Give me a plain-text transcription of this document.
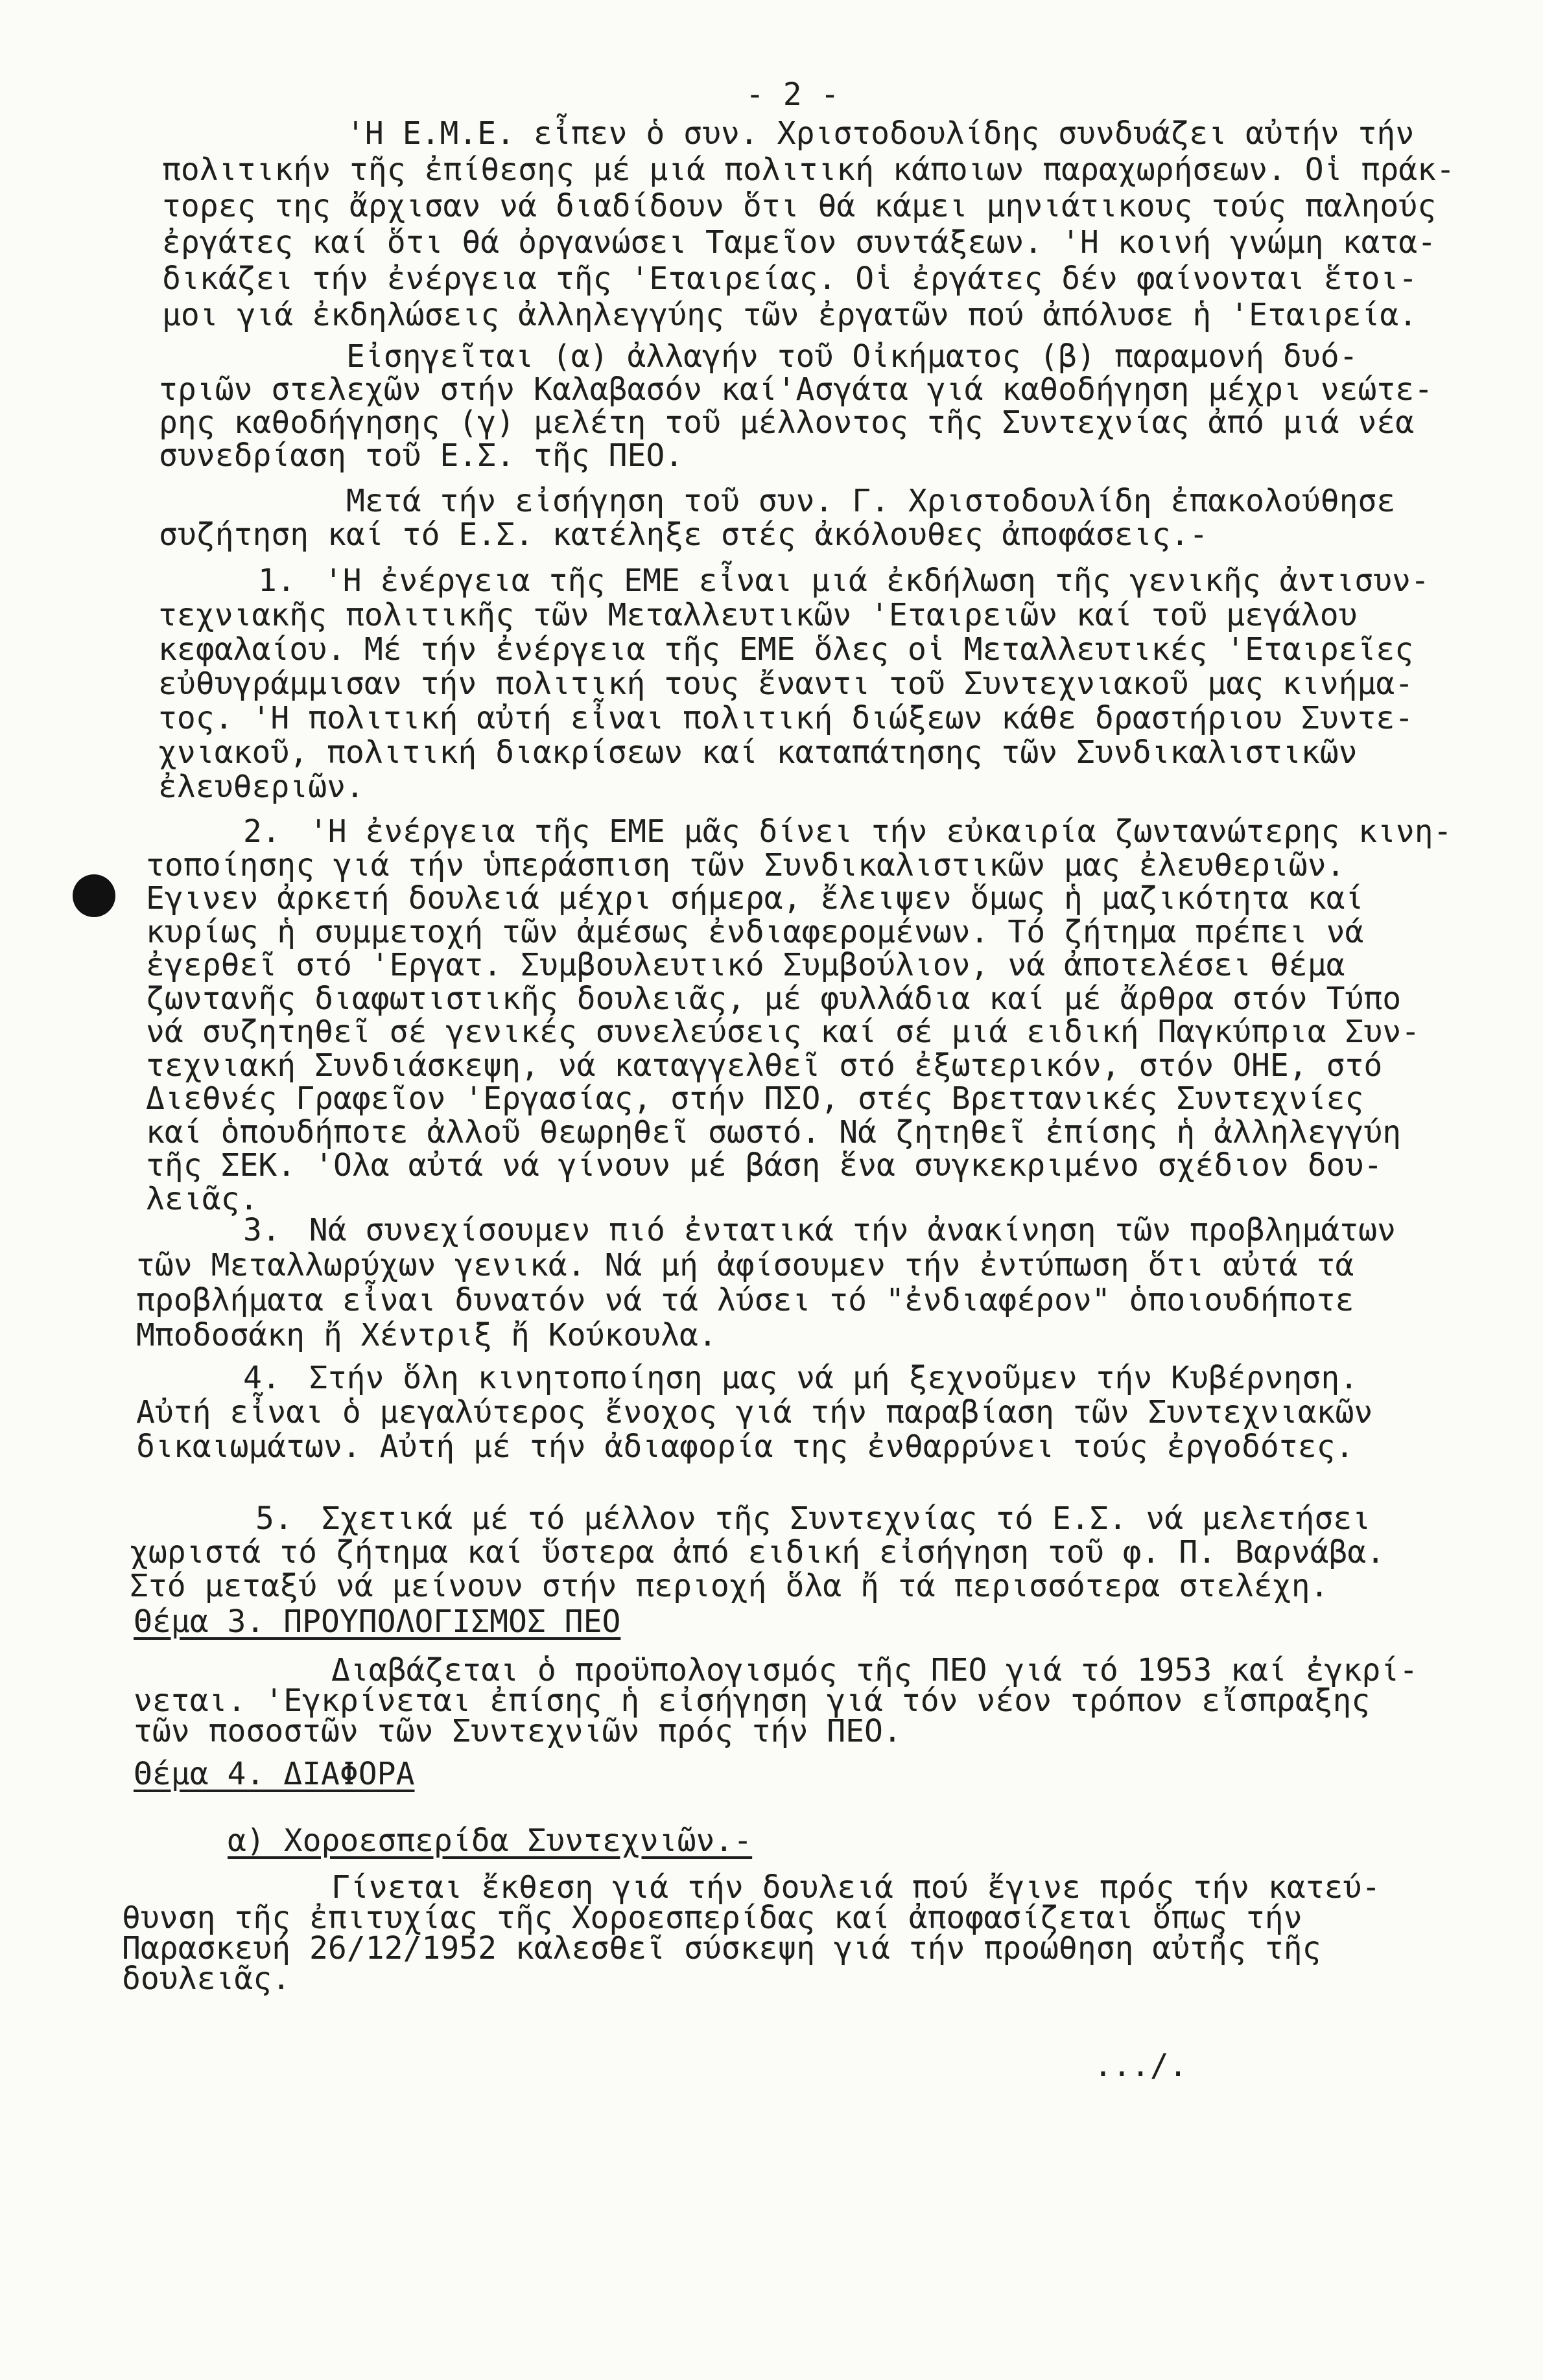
- 2 -
'Η Ε.Μ.Ε. εἶπεν ὁ συν. Χριστοδουλίδης συνδυάζει αὐτήν τήν
πολιτικήν τῆς ἐπίθεσης μέ μιά πολιτική κάποιων παραχωρήσεων. Οἱ πράκ-
τορες της ἄρχισαν νά διαδίδουν ὅτι θά κάμει μηνιάτικους τούς παληούς
ἐργάτες καί ὅτι θά ὀργανώσει Ταμεῖον συντάξεων. 'Η κοινή γνώμη κατα-
δικάζει τήν ἐνέργεια τῆς 'Εταιρείας. Οἱ ἐργάτες δέν φαίνονται ἕτοι-
μοι γιά ἐκδηλώσεις ἀλληλεγγύης τῶν ἐργατῶν πού ἀπόλυσε ἡ 'Εταιρεία.
Εἰσηγεῖται (α) ἀλλαγήν τοῦ Οἰκήματος (β) παραμονή δυό-
τριῶν στελεχῶν στήν Καλαβασόν καί'Ασγάτα γιά καθοδήγηση μέχρι νεώτε-
ρης καθοδήγησης (γ) μελέτη τοῦ μέλλοντος τῆς Συντεχνίας ἀπό μιά νέα
συνεδρίαση τοῦ Ε.Σ. τῆς ΠΕΟ.
Μετά τήν εἰσήγηση τοῦ συν. Γ. Χριστοδουλίδη ἐπακολούθησε
συζήτηση καί τό Ε.Σ. κατέληξε στές ἀκόλουθες ἀποφάσεις.-
1. 'Η ἐνέργεια τῆς ΕΜΕ εἶναι μιά ἐκδήλωση τῆς γενικῆς ἀντισυν-
τεχνιακῆς πολιτικῆς τῶν Μεταλλευτικῶν 'Εταιρειῶν καί τοῦ μεγάλου
κεφαλαίου. Μέ τήν ἐνέργεια τῆς ΕΜΕ ὅλες οἱ Μεταλλευτικές 'Εταιρεῖες
εὐθυγράμμισαν τήν πολιτική τους ἔναντι τοῦ Συντεχνιακοῦ μας κινήμα-
τος. 'Η πολιτική αὐτή εἶναι πολιτική διώξεων κάθε δραστήριου Συντε-
χνιακοῦ, πολιτική διακρίσεων καί καταπάτησης τῶν Συνδικαλιστικῶν
ἐλευθεριῶν.
2. 'Η ἐνέργεια τῆς ΕΜΕ μᾶς δίνει τήν εὐκαιρία ζωντανώτερης κινη-
τοποίησης γιά τήν ὑπεράσπιση τῶν Συνδικαλιστικῶν μας ἐλευθεριῶν.
Εγινεν ἀρκετή δουλειά μέχρι σήμερα, ἔλειψεν ὅμως ἡ μαζικότητα καί
κυρίως ἡ συμμετοχή τῶν ἀμέσως ἐνδιαφερομένων. Τό ζήτημα πρέπει νά
ἐγερθεῖ στό 'Εργατ. Συμβουλευτικό Συμβούλιον, νά ἀποτελέσει θέμα
ζωντανῆς διαφωτιστικῆς δουλειᾶς, μέ φυλλάδια καί μέ ἄρθρα στόν Τύπο
νά συζητηθεῖ σέ γενικές συνελεύσεις καί σέ μιά ειδική Παγκύπρια Συν-
τεχνιακή Συνδιάσκεψη, νά καταγγελθεῖ στό ἐξωτερικόν, στόν ΟΗΕ, στό
Διεθνές Γραφεῖον 'Εργασίας, στήν ΠΣΟ, στές Βρεττανικές Συντεχνίες
καί ὁπουδήποτε ἀλλοῦ θεωρηθεῖ σωστό. Νά ζητηθεῖ ἐπίσης ἡ ἀλληλεγγύη
τῆς ΣΕΚ. 'Ολα αὐτά νά γίνουν μέ βάση ἕνα συγκεκριμένο σχέδιον δου-
λειᾶς.
3. Νά συνεχίσουμεν πιό ἐντατικά τήν ἀνακίνηση τῶν προβλημάτων
τῶν Μεταλλωρύχων γενικά. Νά μή ἀφίσουμεν τήν ἐντύπωση ὅτι αὐτά τά
προβλήματα εἶναι δυνατόν νά τά λύσει τό "ἐνδιαφέρον" ὁποιουδήποτε
Μποδοσάκη ἤ Χέντριξ ἤ Κούκουλα.
4. Στήν ὅλη κινητοποίηση μας νά μή ξεχνοῦμεν τήν Κυβέρνηση.
Αὐτή εἶναι ὁ μεγαλύτερος ἔνοχος γιά τήν παραβίαση τῶν Συντεχνιακῶν
δικαιωμάτων. Αὐτή μέ τήν ἀδιαφορία της ἐνθαρρύνει τούς ἐργοδότες.
5. Σχετικά μέ τό μέλλον τῆς Συντεχνίας τό Ε.Σ. νά μελετήσει
χωριστά τό ζήτημα καί ὕστερα ἀπό ειδική εἰσήγηση τοῦ φ. Π. Βαρνάβα.
Στό μεταξύ νά μείνουν στήν περιοχή ὅλα ἤ τά περισσότερα στελέχη.
Θέμα 3. ΠΡΟΥΠΟΛΟΓΙΣΜΟΣ ΠΕΟ
Διαβάζεται ὁ προϋπολογισμός τῆς ΠΕΟ γιά τό 1953 καί ἐγκρί-
νεται. 'Εγκρίνεται ἐπίσης ἡ εἰσήγηση γιά τόν νέον τρόπον εἴσπραξης
τῶν ποσοστῶν τῶν Συντεχνιῶν πρός τήν ΠΕΟ.
Θέμα 4. ΔΙΑΦΟΡΑ
α) Χοροεσπερίδα Συντεχνιῶν.-
Γίνεται ἔκθεση γιά τήν δουλειά πού ἔγινε πρός τήν κατεύ-
θυνση τῆς ἐπιτυχίας τῆς Χοροεσπερίδας καί ἀποφασίζεται ὅπως τήν
Παρασκευή 26/12/1952 καλεσθεῖ σύσκεψη γιά τήν προώθηση αὐτῆς τῆς
δουλειᾶς.
.../.
